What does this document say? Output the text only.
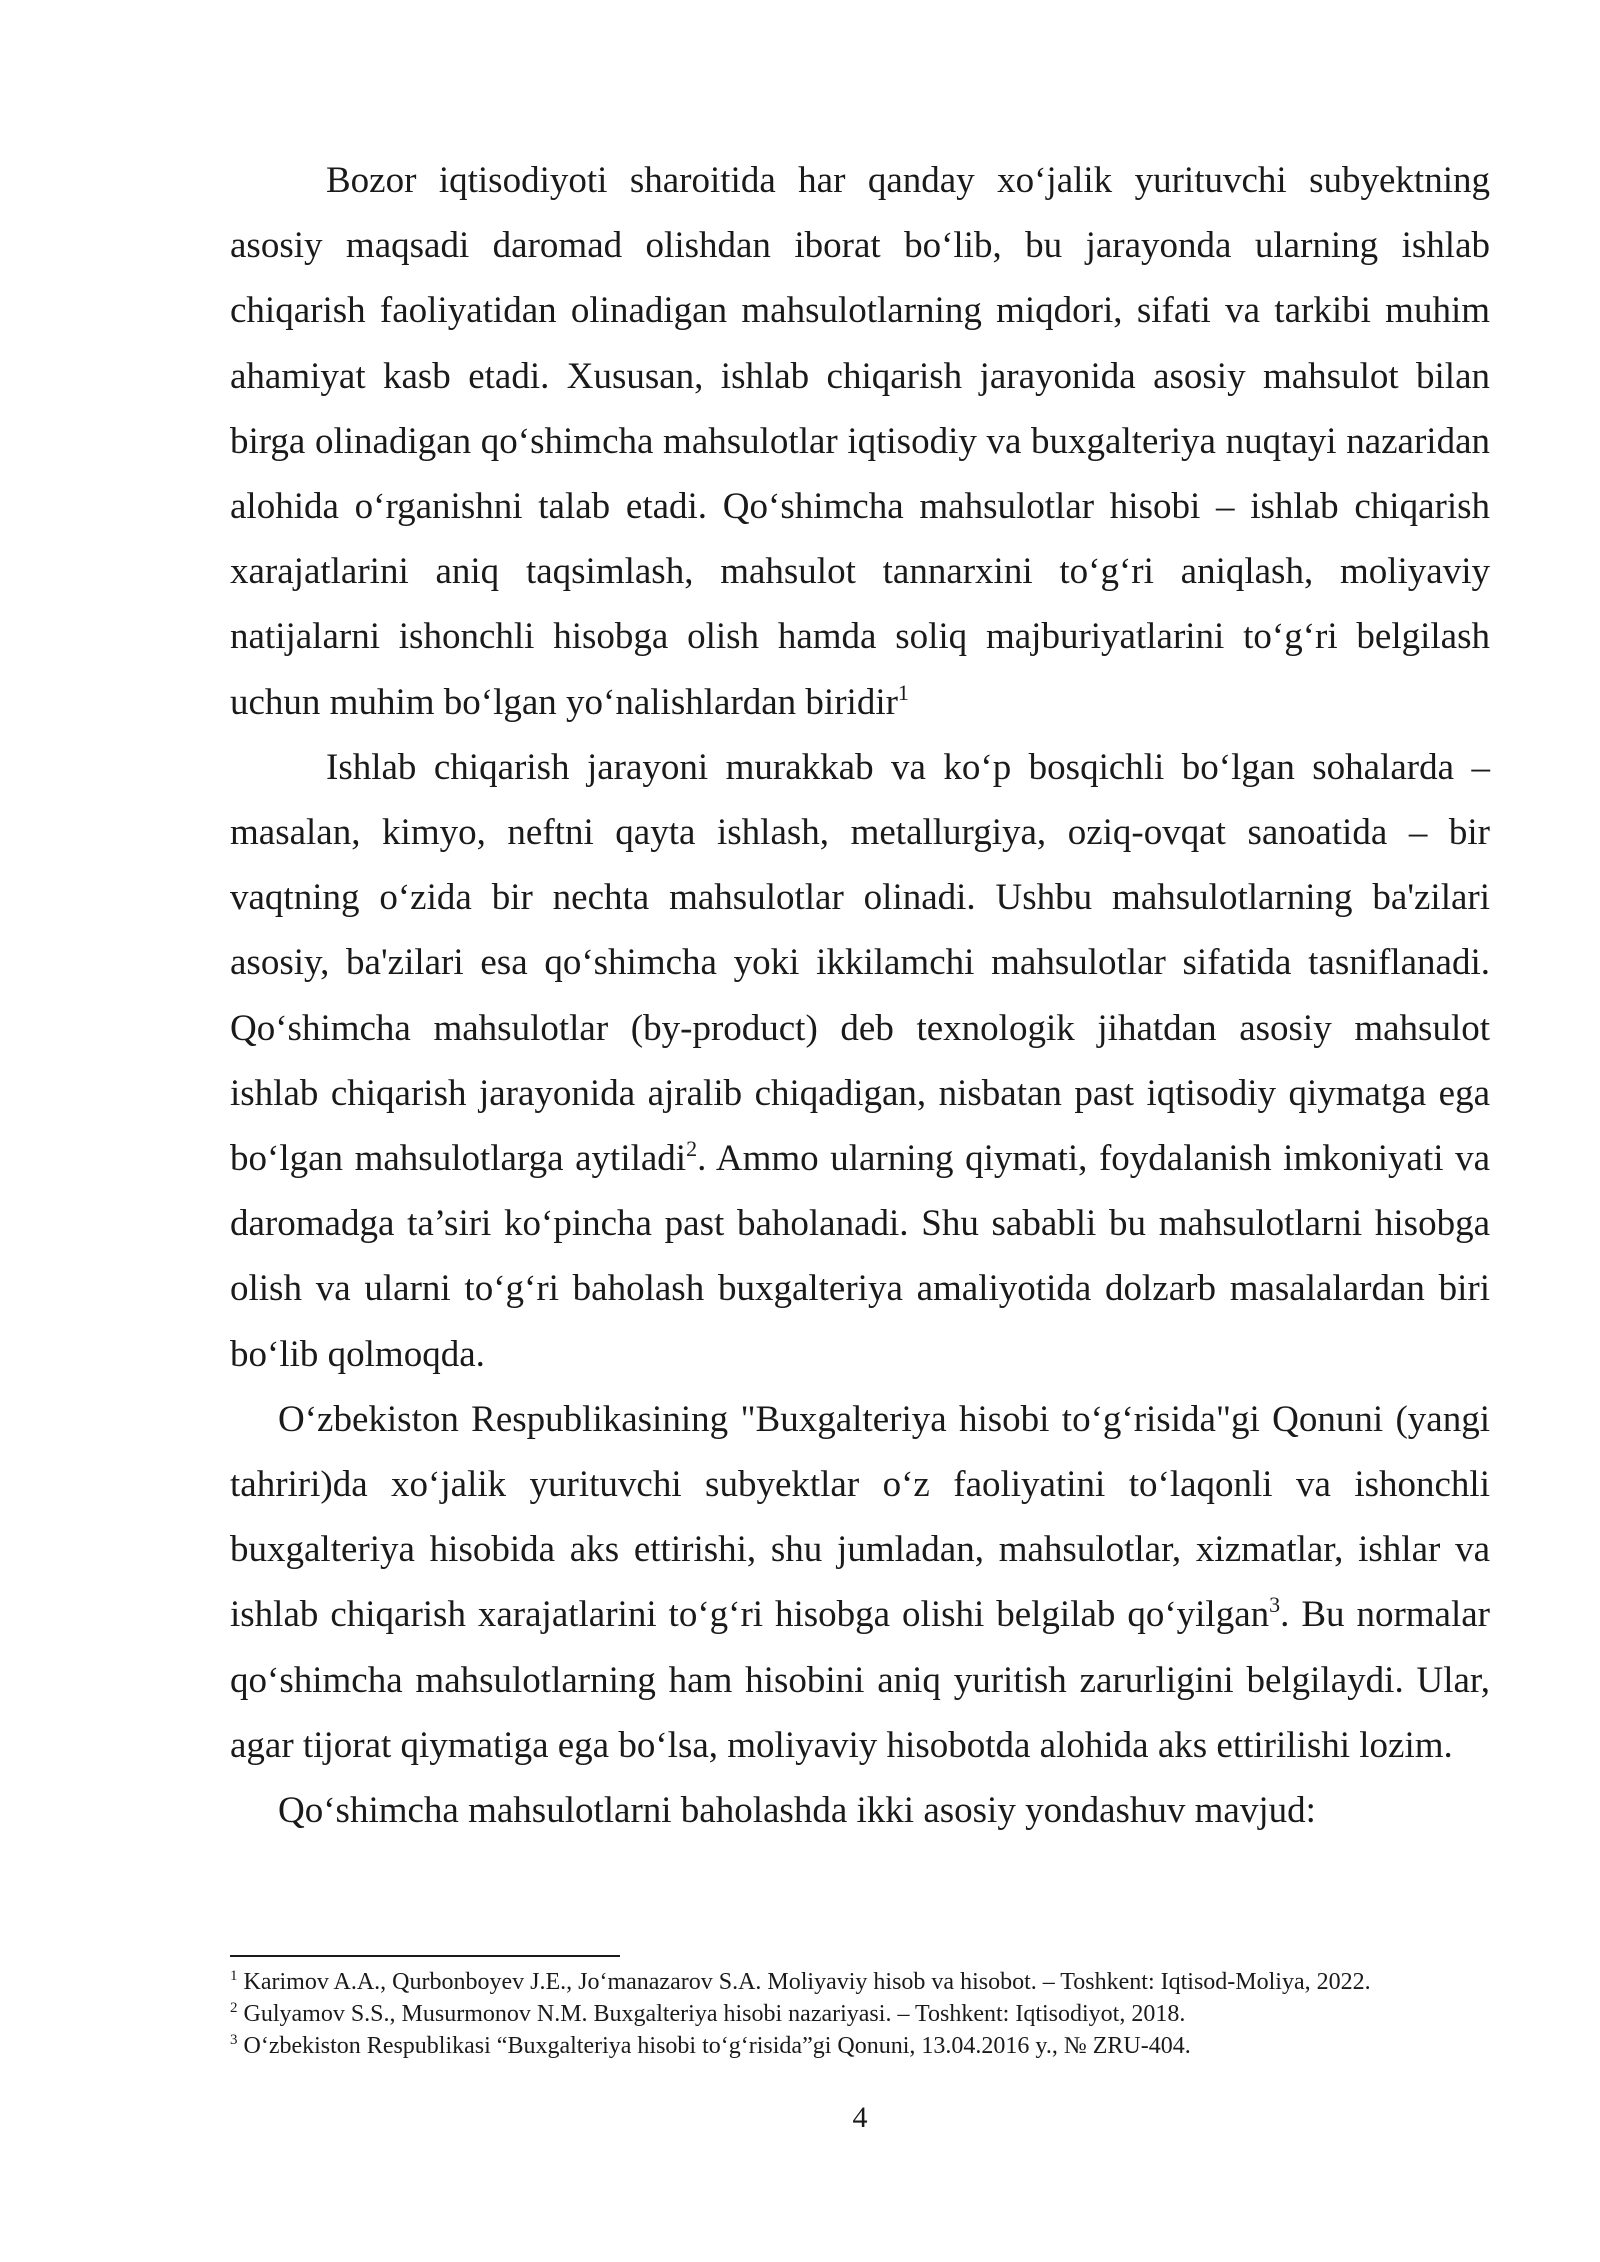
Bozor iqtisodiyoti sharoitida har qanday xoʻjalik yurituvchi subyektning asosiy maqsadi daromad olishdan iborat boʻlib, bu jarayonda ularning ishlab chiqarish faoliyatidan olinadigan mahsulotlarning miqdori, sifati va tarkibi muhim ahamiyat kasb etadi. Xususan, ishlab chiqarish jarayonida asosiy mahsulot bilan birga olinadigan qoʻshimcha mahsulotlar iqtisodiy va buxgalteriya nuqtayi nazaridan alohida oʻrganishni talab etadi. Qoʻshimcha mahsulotlar hisobi – ishlab chiqarish xarajatlarini aniq taqsimlash, mahsulot tannarxini toʻgʻri aniqlash, moliyaviy natijalarni ishonchli hisobga olish hamda soliq majburiyatlarini toʻgʻri belgilash uchun muhim boʻlgan yoʻnalishlardan biridir$^1$

Ishlab chiqarish jarayoni murakkab va koʻp bosqichli boʻlgan sohalarda – masalan, kimyo, neftni qayta ishlash, metallurgiya, oziq-ovqat sanoatida – bir vaqtning oʻzida bir nechta mahsulotlar olinadi. Ushbu mahsulotlarning ba'zilari asosiy, ba'zilari esa qoʻshimcha yoki ikkilamchi mahsulotlar sifatida tasniflanadi. Qoʻshimcha mahsulotlar (by-product) deb texnologik jihatdan asosiy mahsulot ishlab chiqarish jarayonida ajralib chiqadigan, nisbatan past iqtisodiy qiymatga ega boʻlgan mahsulotlarga aytiladi$^2$. Ammo ularning qiymati, foydalanish imkoniyati va daromadga ta’siri koʻpincha past baholanadi. Shu sababli bu mahsulotlarni hisobga olish va ularni toʻgʻri baholash buxgalteriya amaliyotida dolzarb masalalardan biri boʻlib qolmoqda.

Oʻzbekiston Respublikasining "Buxgalteriya hisobi toʻgʻrisida"gi Qonuni (yangi tahriri)da xoʻjalik yurituvchi subyektlar oʻz faoliyatini toʻlaqonli va ishonchli buxgalteriya hisobida aks ettirishi, shu jumladan, mahsulotlar, xizmatlar, ishlar va ishlab chiqarish xarajatlarini toʻgʻri hisobga olishi belgilab qoʻyilgan$^3$. Bu normalar qoʻshimcha mahsulotlarning ham hisobini aniq yuritish zarurligini belgilaydi. Ular, agar tijorat qiymatiga ega boʻlsa, moliyaviy hisobotda alohida aks ettirilishi lozim.

Qoʻshimcha mahsulotlarni baholashda ikki asosiy yondashuv mavjud:

$^1$ Karimov A.A., Qurbonboyev J.E., Joʻmanazarov S.A. Moliyaviy hisob va hisobot. – Toshkent: Iqtisod-Moliya, 2022.

$^2$ Gulyamov S.S., Musurmonov N.M. Buxgalteriya hisobi nazariyasi. – Toshkent: Iqtisodiyot, 2018.

$^3$ Oʻzbekiston Respublikasi “Buxgalteriya hisobi toʻgʻrisida”gi Qonuni, 13.04.2016 y., № ZRU-404.

4
